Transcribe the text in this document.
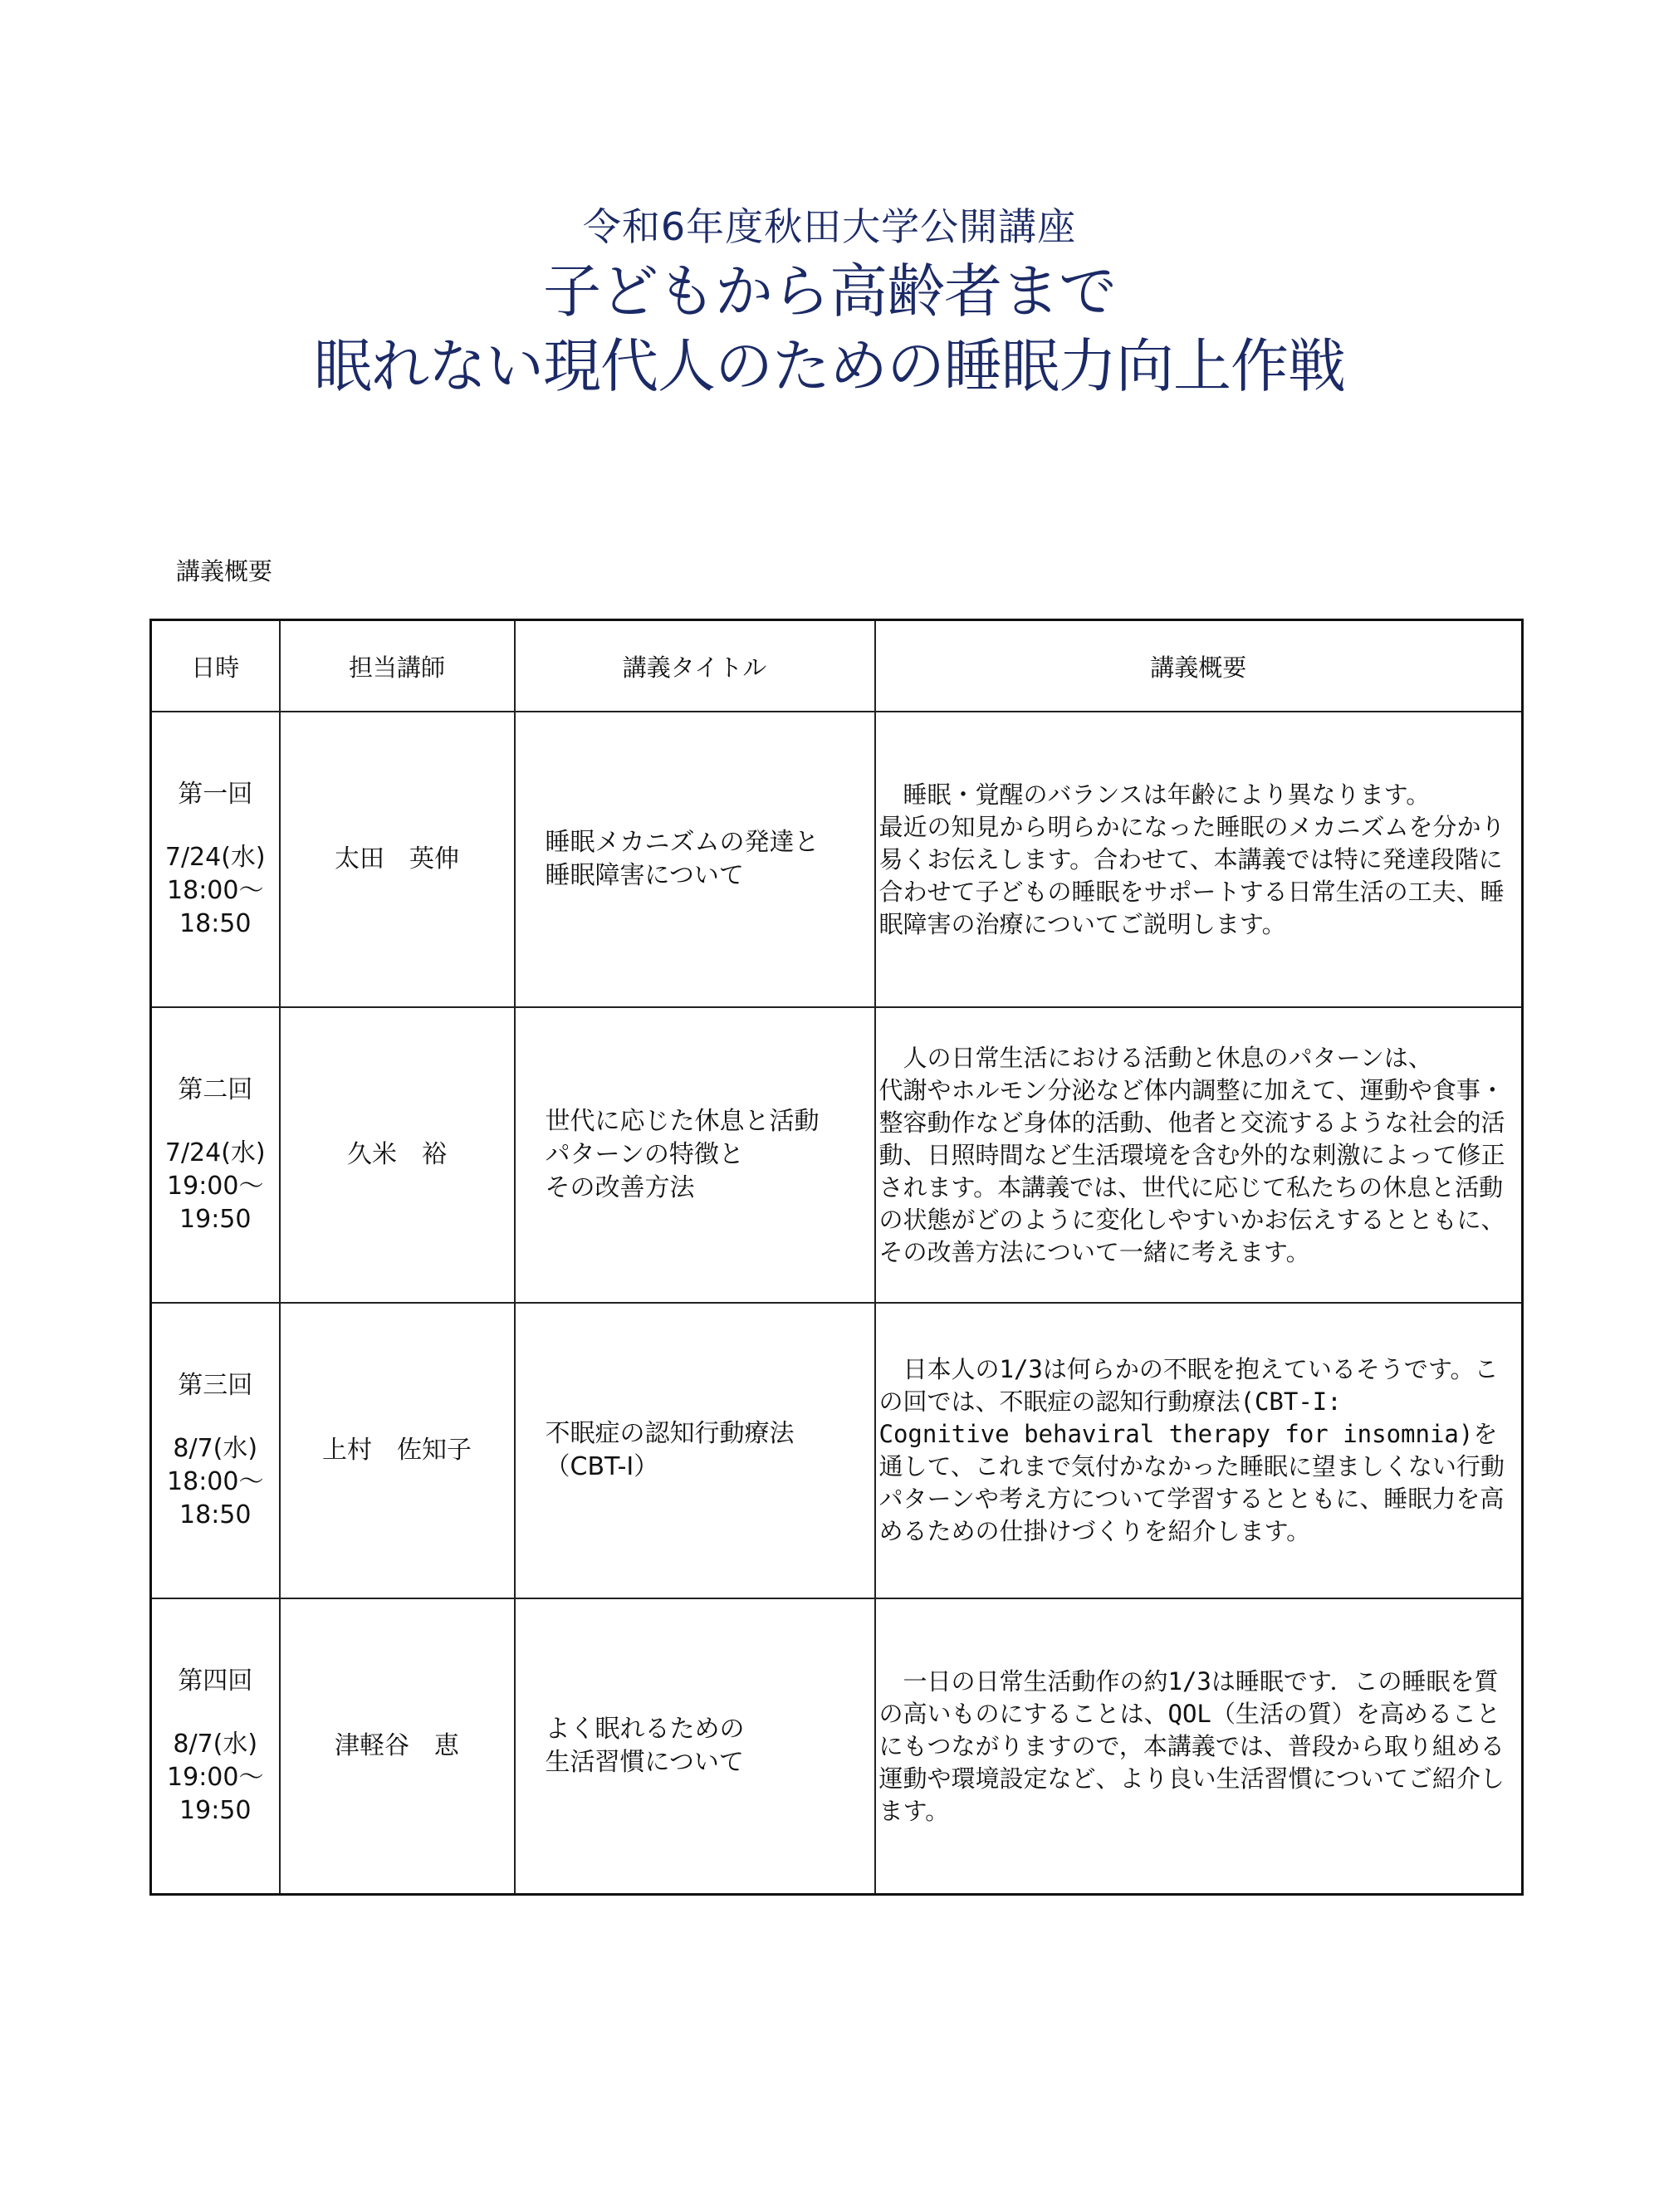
令和6年度秋田大学公開講座
子どもから高齢者まで
眠れない現代人のための睡眠力向上作戦
講義概要
日時	担当講師	講義タイトル	講義概要

第一回
7/24(水)
18:00～
18:50	太田　英伸	睡眠メカニズムの発達と
睡眠障害について	　睡眠・覚醒のバランスは年齢により異なります。
最近の知見から明らかになった睡眠のメカニズムを分かり易くお伝えします。合わせて、本講義では特に発達段階に合わせて子どもの睡眠をサポートする日常生活の工夫、睡眠障害の治療についてご説明します。

第二回
7/24(水)
19:00～
19:50	久米　裕	世代に応じた休息と活動
パターンの特徴と
その改善方法	　人の日常生活における活動と休息のパターンは、
代謝やホルモン分泌など体内調整に加えて、運動や食事・整容動作など身体的活動、他者と交流するような社会的活動、日照時間など生活環境を含む外的な刺激によって修正されます。本講義では、世代に応じて私たちの休息と活動の状態がどのように変化しやすいかお伝えするとともに、その改善方法について一緒に考えます。

第三回
8/7(水)
18:00～
18:50	上村　佐知子	不眠症の認知行動療法
（CBT-I）	　日本人の1/3は何らかの不眠を抱えているそうです。この回では、不眠症の認知行動療法(CBT-I:
Cognitive behaviral therapy for insomnia)を通して、これまで気付かなかった睡眠に望ましくない行動パターンや考え方について学習するとともに、睡眠力を高めるための仕掛けづくりを紹介します。

第四回
8/7(水)
19:00～
19:50	津軽谷　恵	よく眠れるための
生活習慣について	　一日の日常生活動作の約1/3は睡眠です．この睡眠を質の高いものにすることは、QOL（生活の質）を高めることにもつながりますので，本講義では、普段から取り組める運動や環境設定など、より良い生活習慣についてご紹介します。
